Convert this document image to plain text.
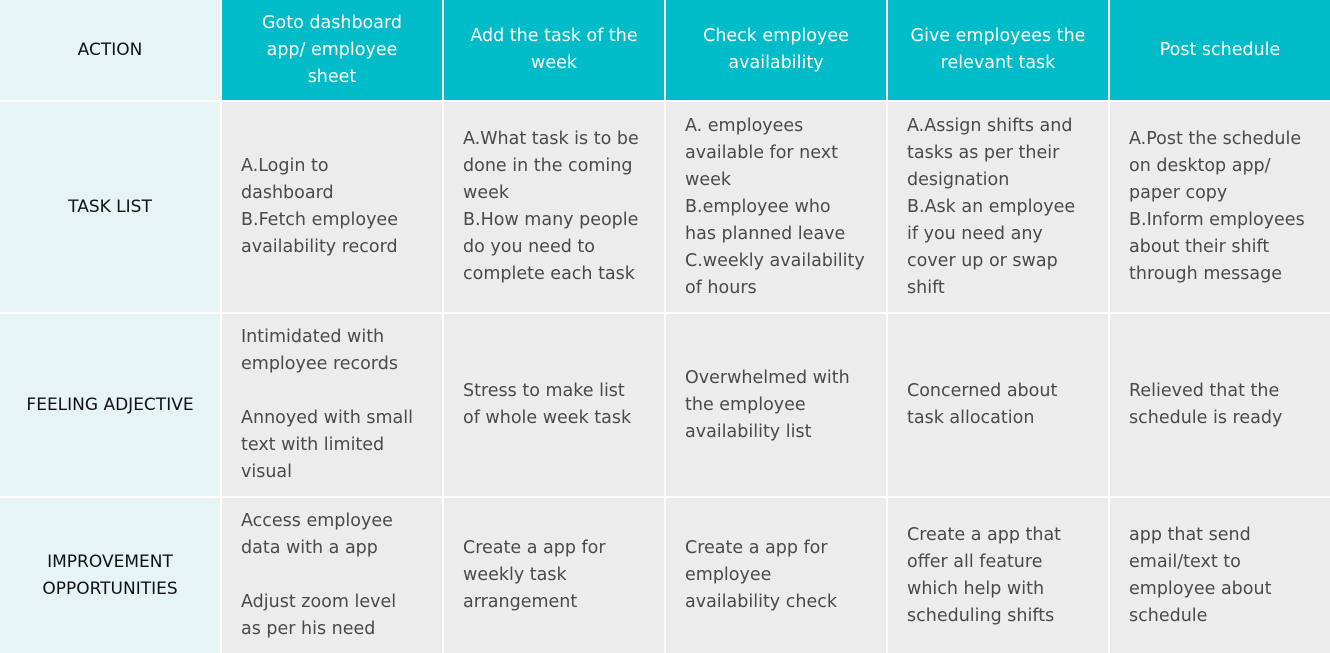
ACTION
Goto dashboard
app/ employee
sheet
Add the task of the
week
Check employee
availability
Give employees the
relevant task
Post schedule
TASK LIST
A.Login to
dashboard
B.Fetch employee
availability record
A.What task is to be
done in the coming
week
B.How many people
do you need to
complete each task
A. employees
available for next
week
B.employee who
has planned leave
C.weekly availability
of hours
A.Assign shifts and
tasks as per their
designation
B.Ask an employee
if you need any
cover up or swap
shift
A.Post the schedule
on desktop app/
paper copy
B.Inform employees
about their shift
through message
FEELING ADJECTIVE
Intimidated with
employee records
Annoyed with small
text with limited
visual
Stress to make list
of whole week task
Overwhelmed with
the employee
availability list
Concerned about
task allocation
Relieved that the
schedule is ready
IMPROVEMENT
OPPORTUNITIES
Access employee
data with a app
Adjust zoom level
as per his need
Create a app for
weekly task
arrangement
Create a app for
employee
availability check
Create a app that
offer all feature
which help with
scheduling shifts
app that send
email/text to
employee about
schedule
